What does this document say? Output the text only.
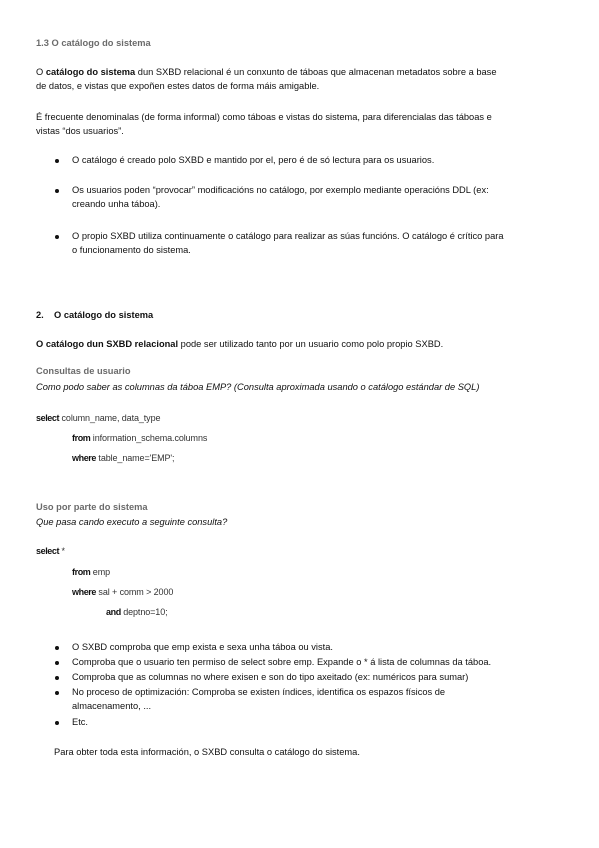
1.3 O catálogo do sistema
O catálogo do sistema dun SXBD relacional é un conxunto de táboas que almacenan metadatos sobre a base
de datos, e vistas que expoñen estes datos de forma máis amigable.
É frecuente denominalas (de forma informal) como táboas e vistas do sistema, para diferencialas das táboas e
vistas “dos usuarios”.
O catálogo é creado polo SXBD e mantido por el, pero é de só lectura para os usuarios.
Os usuarios poden “provocar” modificacións no catálogo, por exemplo mediante operacións DDL (ex:
creando unha táboa).
O propio SXBD utiliza continuamente o catálogo para realizar as súas funcións. O catálogo é crítico para
o funcionamento do sistema.
2. O catálogo do sistema
O catálogo dun SXBD relacional pode ser utilizado tanto por un usuario como polo propio SXBD.
Consultas de usuario
Como podo saber as columnas da táboa EMP? (Consulta aproximada usando o catálogo estándar de SQL)
select column_name, data_type
from information_schema.columns
where table_name='EMP';
Uso por parte do sistema
Que pasa cando executo a seguinte consulta?
select *
from emp
where sal + comm > 2000
and deptno=10;
O SXBD comproba que emp exista e sexa unha táboa ou vista.
Comproba que o usuario ten permiso de select sobre emp. Expande o * á lista de columnas da táboa.
Comproba que as columnas no where exisen e son do tipo axeitado (ex: numéricos para sumar)
No proceso de optimización: Comproba se existen índices, identifica os espazos físicos de
almacenamento, ...
Etc.
Para obter toda esta información, o SXBD consulta o catálogo do sistema.
